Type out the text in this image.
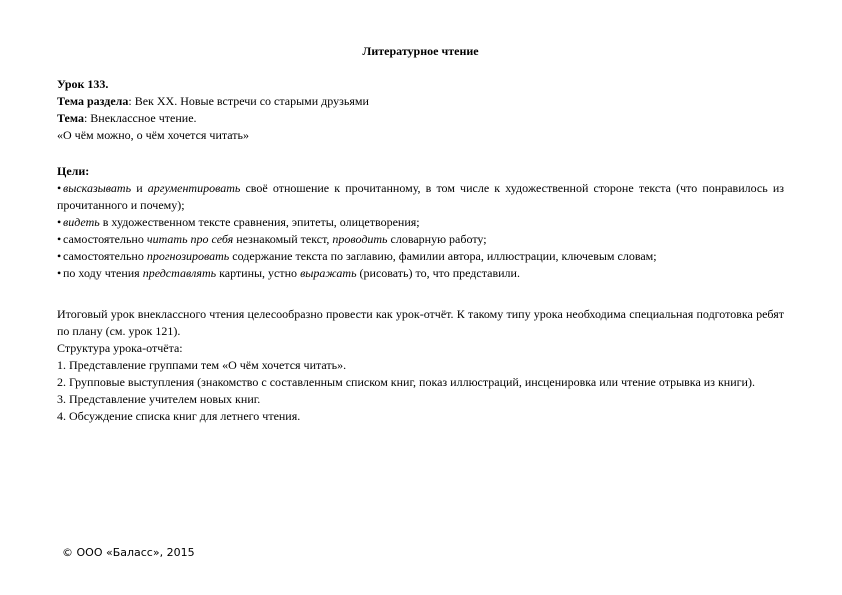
Литературное чтение
Урок 133.
Тема раздела: Век XX. Новые встречи со старыми друзьями
Тема: Внеклассное чтение.
«О чём можно, о чём хочется читать»
Цели:
• высказывать и аргументировать своё отношение к прочитанному, в том числе к художественной стороне текста (что понравилось из прочитанного и почему);
• видеть в художественном тексте сравнения, эпитеты, олицетворения;
• самостоятельно читать про себя незнакомый текст, проводить словарную работу;
• самостоятельно прогнозировать содержание текста по заглавию, фамилии автора, иллюстрации, ключевым словам;
• по ходу чтения представлять картины, устно выражать (рисовать) то, что представили.
Итоговый урок внеклассного чтения целесообразно провести как урок-отчёт. К такому типу урока необходима специальная подготовка ребят по плану (см. урок 121).
Структура урока-отчёта:
1. Представление группами тем «О чём хочется читать».
2. Групповые выступления (знакомство с составленным списком книг, показ иллюстраций, инсценировка или чтение отрывка из книги).
3. Представление учителем новых книг.
4. Обсуждение списка книг для летнего чтения.
© ООО «Баласс», 2015
